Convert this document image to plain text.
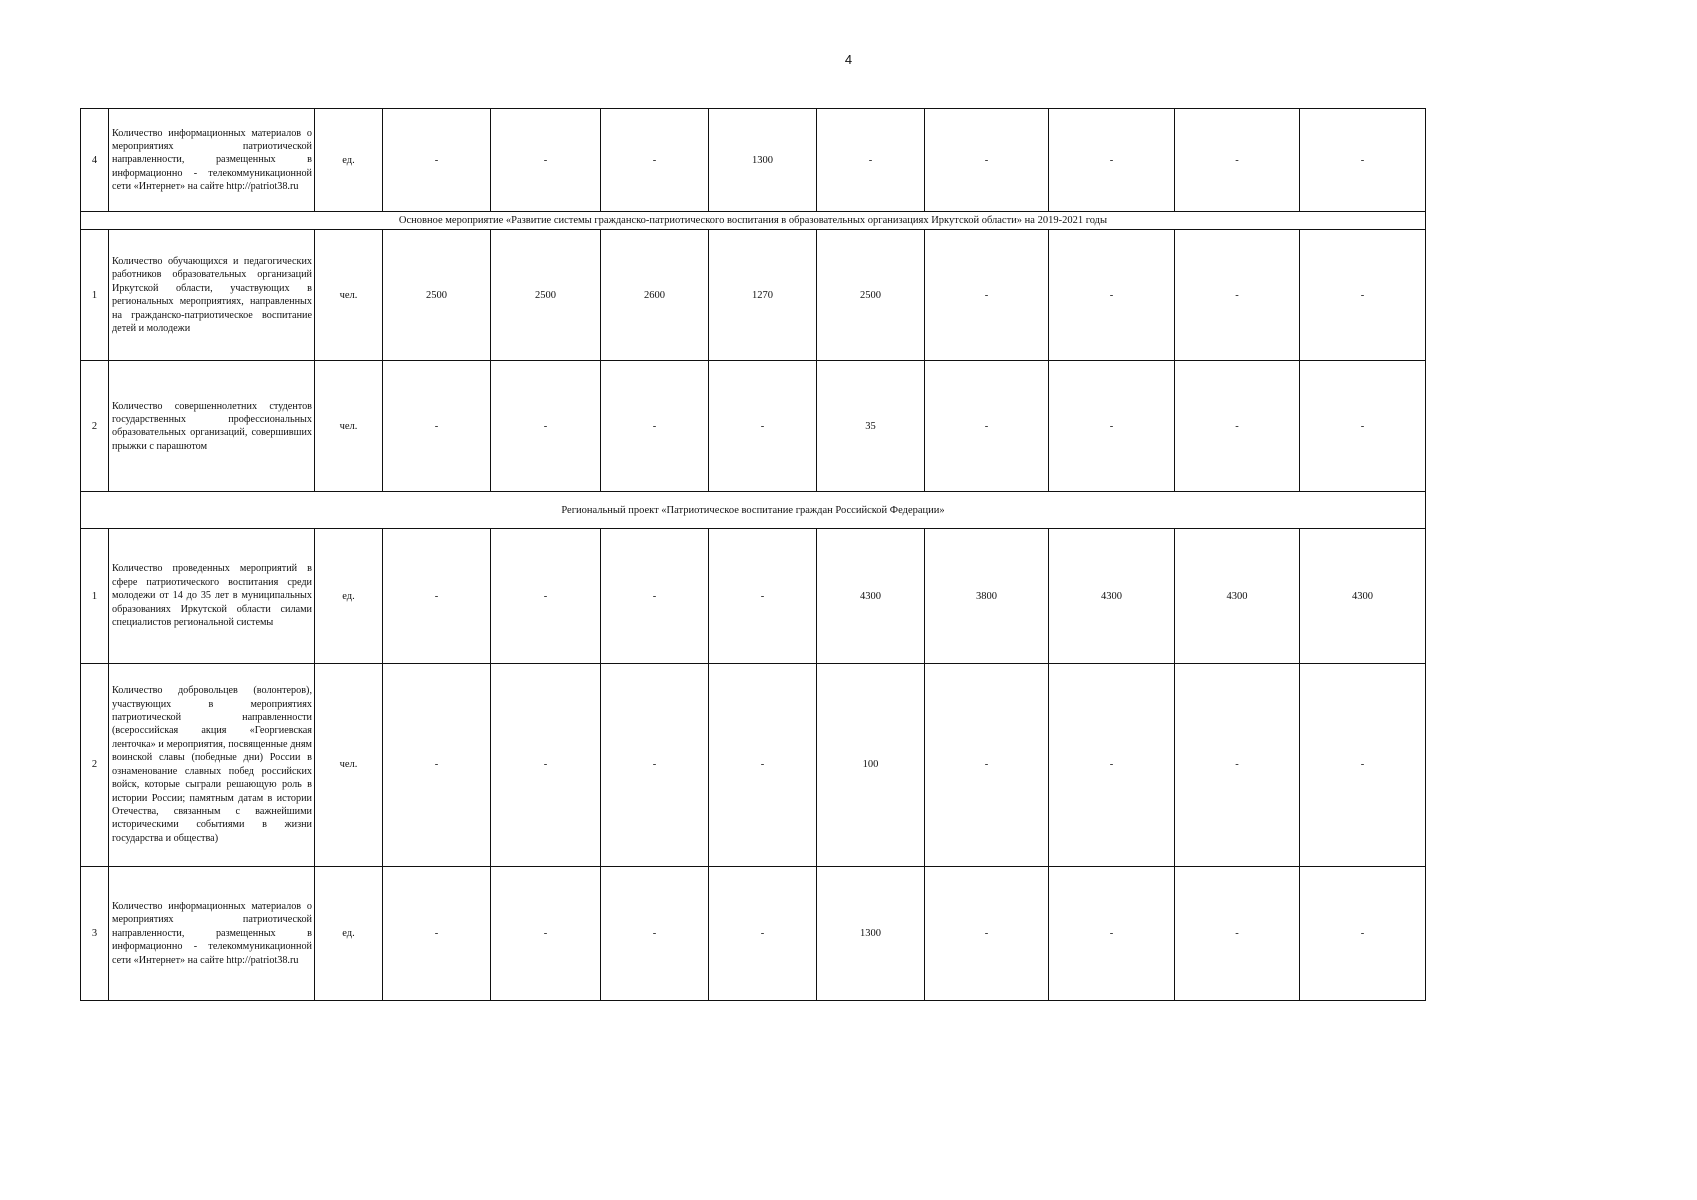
4
4	Количество информационных материалов о мероприятиях патриотической направленности, размещенных в информационно - телекоммуникационной сети «Интернет» на сайте http://patriot38.ru	ед.	-	-	-	1300	-	-	-	-	-
Основное мероприятие «Развитие системы гражданско-патриотического воспитания в образовательных организациях Иркутской области» на 2019-2021 годы											
1	Количество обучающихся и педагогических работников образовательных организаций Иркутской области, участвующих в региональных мероприятиях, направленных на гражданско-патриотическое воспитание детей и молодежи	чел.	2500	2500	2600	1270	2500	-	-	-	-
2	Количество совершеннолетних студентов государственных профессиональных образовательных организаций, совершивших прыжки с парашютом	чел.	-	-	-	-	35	-	-	-	-
Региональный проект «Патриотическое воспитание граждан Российской Федерации»											
1	Количество проведенных мероприятий в сфере патриотического воспитания среди молодежи от 14 до 35 лет в муниципальных образованиях Иркутской области силами специалистов региональной системы	ед.	-	-	-	-	4300	3800	4300	4300	4300
2	Количество добровольцев (волонтеров), участвующих в мероприятиях патриотической направленности (всероссийская акция «Георгиевская ленточка» и мероприятия, посвященные дням воинской славы (победные дни) России в ознаменование славных побед российских войск, которые сыграли решающую роль в истории России; памятным датам в истории Отечества, связанным с важнейшими историческими событиями в жизни государства и общества)	чел.	-	-	-	-	100	-	-	-	-
3	Количество информационных материалов о мероприятиях патриотической направленности, размещенных в информационно - телекоммуникационной сети «Интернет» на сайте http://patriot38.ru	ед.	-	-	-	-	1300	-	-	-	-
